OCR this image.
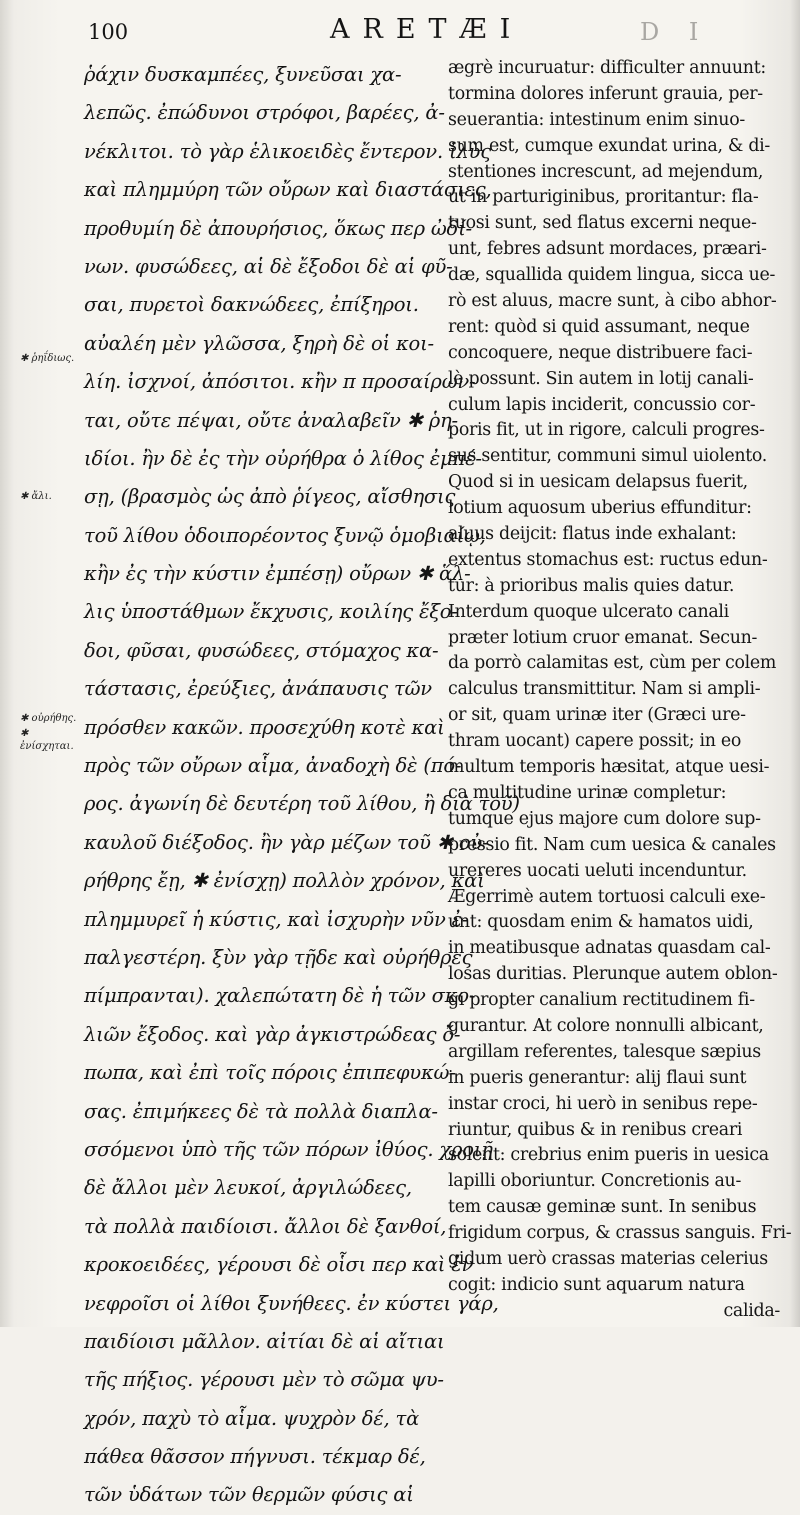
100	ARETÆI	D I
✱ ῥηΐδιως.
✱ ἄλι.
✱ οὐρήθης.
✱ ἐνίσχηται.
ῥάχιν δυσκαμπέες, ξυνεῦσαι χα-
λεπῶς. ἐπώδυνοι στρόφοι, βαρέες, ἀ-
νέκλιτοι. τὸ γὰρ ἑλικοειδὲς ἔντερον. ἰλὺς
καὶ πλημμύρη τῶν οὔρων καὶ διαστάσιες,
προθυμίη δὲ ἀπουρήσιος, ὅκως περ ὠδί-
νων. φυσώδεες, αἱ δὲ ἔξοδοι δὲ αἱ φῦ-
σαι, πυρετοὶ δακνώδεες, ἐπίξηροι.
αὐαλέη μὲν γλῶσσα, ξηρὴ δὲ οἱ κοι-
λίη. ἰσχνοί, ἀπόσιτοι. κἢν π προσαίρων-
ται, οὔτε πέψαι, οὔτε ἀναλαβεῖν ✱ ῥη-
ιδίοι. ἢν δὲ ἐς τὴν οὐρήθρα ὁ λίθος ἐμπέ-
σῃ, (βρασμὸς ὡς ἀπὸ ῥίγεος, αἴσθησις
τοῦ λίθου ὁδοιπορέοντος ξυνῷ ὁμοβιαίῳ,
κἢν ἐς τὴν κύστιν ἐμπέσῃ) οὔρων ✱ ἅλ-
λις ὑποστάθμων ἔκχυσις, κοιλίης ἔξο-
δοι, φῦσαι, φυσώδεες, στόμαχος κα-
τάστασις, ἐρεύξιες, ἀνάπαυσις τῶν
πρόσθεν κακῶν. προσεχύθη κοτὲ καὶ
πρὸς τῶν οὔρων αἷμα, ἀναδοχὴ δὲ (πό-
ρος. ἀγωνίη δὲ δευτέρη τοῦ λίθου, ἢ διὰ τοῦ)
καυλοῦ διέξοδος. ἢν γὰρ μέζων τοῦ ✱ οὐ-
ρήθρης ἔῃ, ✱ ἐνίσχῃ) πολλὸν χρόνον, καὶ
πλημμυρεῖ ἡ κύστις, καὶ ἰσχυρὴν νῦν ἐ-
παλγεστέρη. ξὺν γὰρ τῇδε καὶ οὐρήθρες
πίμπρανται). χαλεπώτατη δὲ ἡ τῶν σκο-
λιῶν ἔξοδος. καὶ γὰρ ἀγκιστρώδεας ὄ-
πωπα, καὶ ἐπὶ τοῖς πόροις ἐπιπεφυκώ-
σας. ἐπιμήκεες δὲ τὰ πολλὰ διαπλα-
σσόμενοι ὑπὸ τῆς τῶν πόρων ἰθύος. χροιῇ
δὲ ἄλλοι μὲν λευκοί, ἀργιλώδεες,
τὰ πολλὰ παιδίοισι. ἄλλοι δὲ ξανθοί,
κροκοειδέες, γέρουσι δὲ οἷσι περ καὶ ἐν
νεφροῖσι οἱ λίθοι ξυνήθεες. ἐν κύστει γάρ,
παιδίοισι μᾶλλον. αἰτίαι δὲ αἱ αἴτιαι
τῆς πήξιος. γέρουσι μὲν τὸ σῶμα ψυ-
χρόν, παχὺ τὸ αἷμα. ψυχρὸν δέ, τὰ
πάθεα θᾶσσον πήγνυσι. τέκμαρ δέ,
τῶν ὑδάτων τῶν θερμῶν φύσις αἱ
ægrè incuruatur: difficulter annuunt:
tormina dolores inferunt grauia, per-
seuerantia: intestinum enim sinuo-
sum est, cumque exundat urina, & di-
stentiones increscunt, ad mejendum,
ut in parturiginibus, proritantur: fla-
tuosi sunt, sed flatus excerni neque-
unt, febres adsunt mordaces, præari-
dæ, squallida quidem lingua, sicca ue-
rò est aluus, macre sunt, à cibo abhor-
rent: quòd si quid assumant, neque
concoquere, neque distribuere faci-
lè possunt. Sin autem in lotij canali-
culum lapis inciderit, concussio cor-
poris fit, ut in rigore, calculi progres-
sus sentitur, communi simul uiolento.
Quod si in uesicam delapsus fuerit,
lotium aquosum uberius effunditur:
aluus deijcit: flatus inde exhalant:
extentus stomachus est: ructus edun-
tur: à prioribus malis quies datur.
Interdum quoque ulcerato canali
præter lotium cruor emanat. Secun-
da porrò calamitas est, cùm per colem
calculus transmittitur. Nam si ampli-
or sit, quam urinæ iter (Græci ure-
thram uocant) capere possit; in eo
multum temporis hæsitat, atque uesi-
ca multitudine urinæ completur:
tumque ejus majore cum dolore sup-
pressio fit. Nam cum uesica & canales
urereres uocati ueluti incenduntur.
Ægerrimè autem tortuosi calculi exe-
unt: quosdam enim & hamatos uidi,
in meatibusque adnatas quasdam cal-
losas duritias. Plerunque autem oblon-
gi propter canalium rectitudinem fi-
gurantur. At colore nonnulli albicant,
argillam referentes, talesque sæpius
in pueris generantur: alij flaui sunt
instar croci, hi uerò in senibus repe-
riuntur, quibus & in renibus creari
solent: crebrius enim pueris in uesica
lapilli oboriuntur. Concretionis au-
tem causæ geminæ sunt. In senibus
frigidum corpus, & crassus sanguis. Fri-
gidum uerò crassas materias celerius
cogit: indicio sunt aquarum natura
calida-
